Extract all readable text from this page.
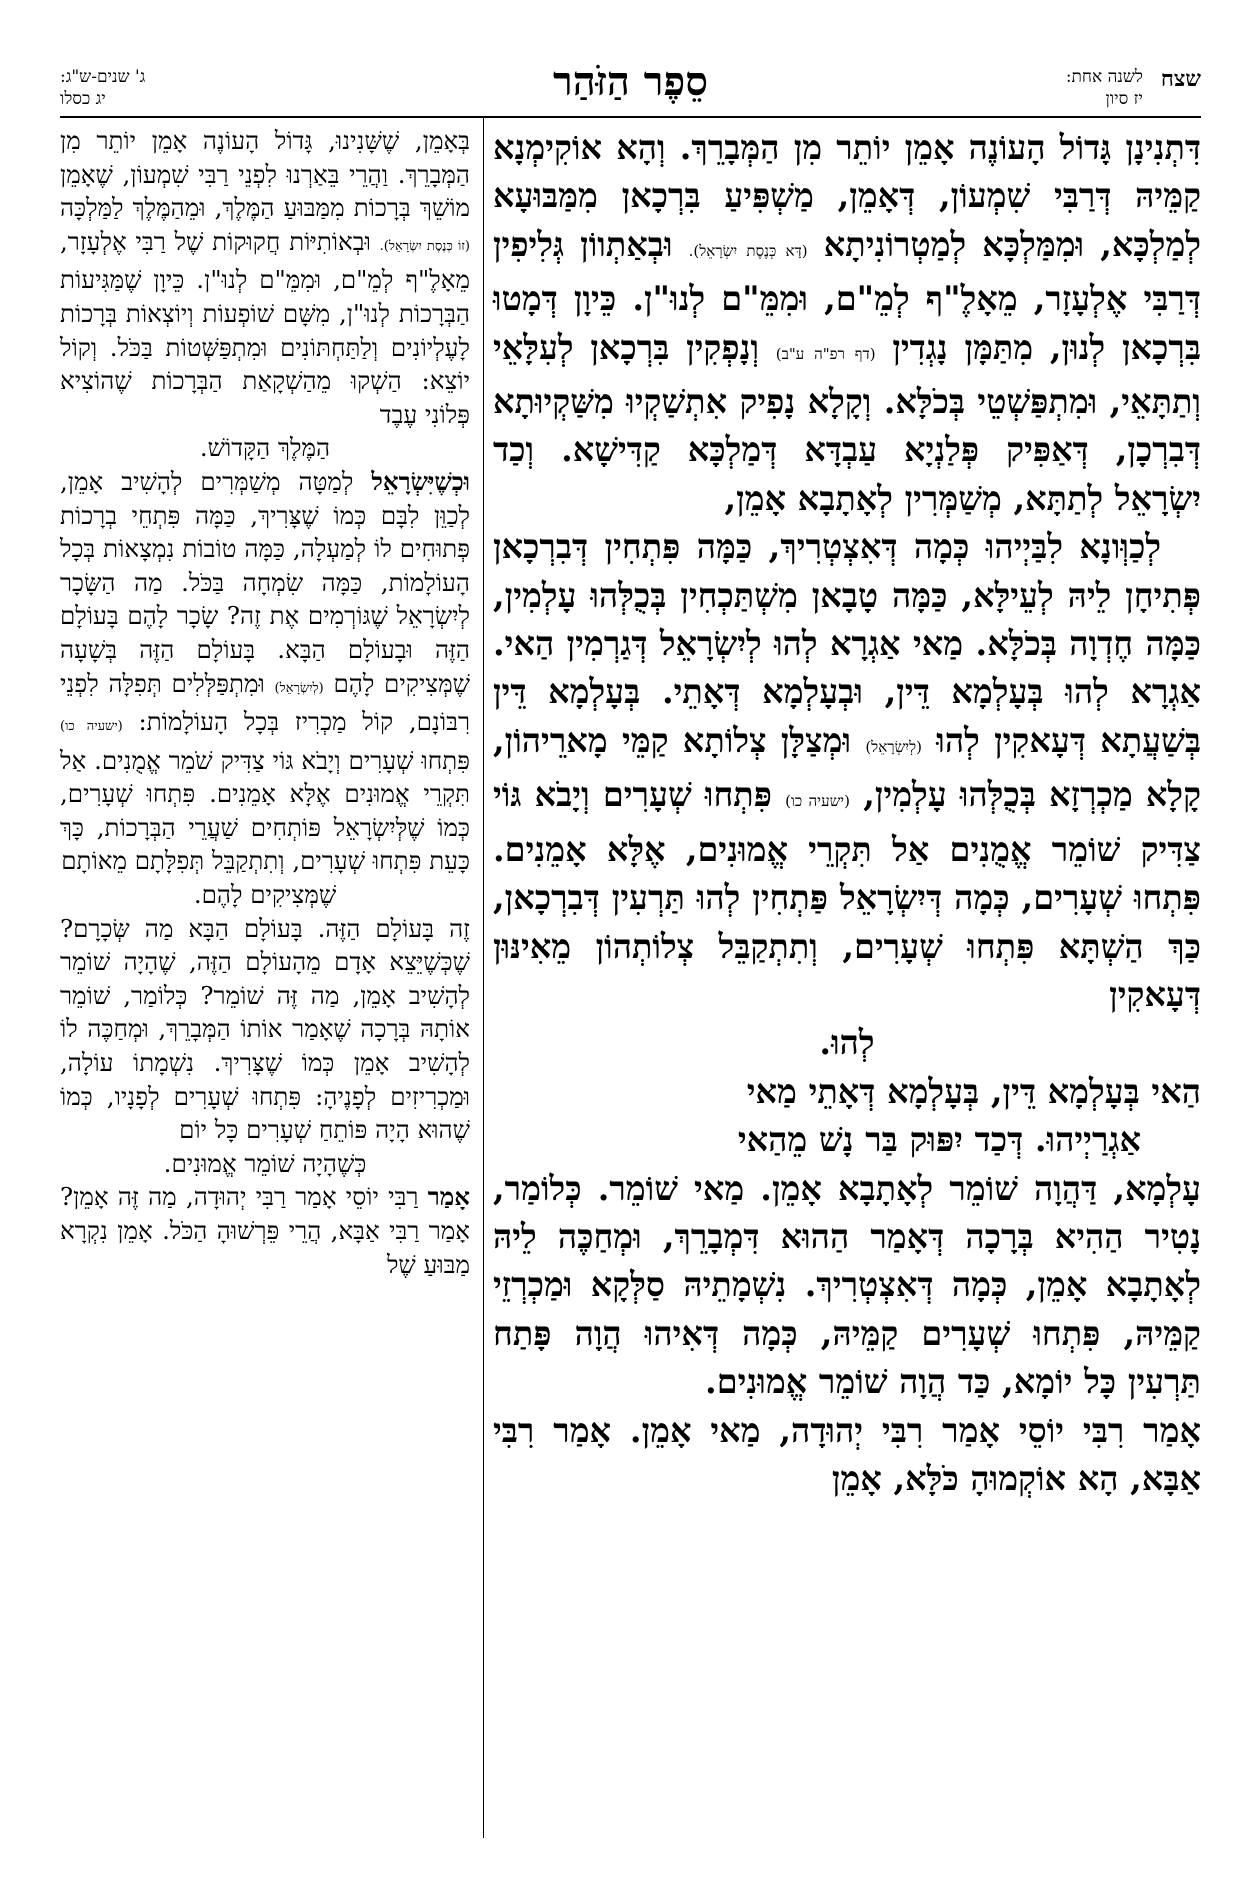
שצח
לשנה אחת:
יז סיון
סֵפֶר הַזֹּהַר
ג' שנים-ש"ג:
יג כסלו

דִּתְנִינָן גָּדוֹל הָעוֹנֶה אָמֵן יוֹתֵר מִן הַמְּבָרֵךְ. וְהָא אוֹקִימְנָא קַמֵּיהּ דְּרַבִּי שִׁמְעוֹן, דְּאָמֵן, מַשְׁפִּיעַ בִּרְכָאן מִמַּבּוּעָא לְמַלְכָּא, וּמִמַּלְכָּא לְמַטְרוֹנִיתָא (דָּא כְּנֶסֶת יִשְׂרָאֵל). וּבְאַתְווֹן גְּלִיפִין דְּרַבִּי אֶלְעָזָר, מֵאָלֶ"ף לְמֵ"ם, וּמִמֵּ"ם לְנוּ"ן. כֵּיוָן דְּמָטוּ בִּרְכָאן לְנוּן, מִתַּמָּן נָגְדִין (דף רפ"ה ע"ב) וְנָפְקִין בִּרְכָאן לְעִלָּאֵי וְתַתָּאֵי, וּמִתְפַּשְׁטֵי בְּכֹלָּא. וְקָלָא נָפִיק אִתְשַׁקְיוּ מִשַּׁקְיוּתָא דְּבִרְכָן, דְּאַפִּיק פְּלַנְיָא עַבְדָּא דְּמַלְכָּא קַדִּישָׁא. וְכַד יִשְׂרָאֵל לְתַתָּא, מְשַׁמְּרִין לְאָתָבָא אָמֵן,

לְכַוְּונָא לִבַּיְיהוּ כְּמָה דְּאִצְטְרִיךְ, כַּמָּה פִּתְחִין דְּבִרְכָאן פְּתִיחָן לֵיהּ לְעֵילָּא, כַּמָּה טָבָאן מִשְׁתַּכְחִין בְּכֻלְּהוּ עָלְמִין, כַּמָּה חֶדְוָה בְּכֹלָּא. מַאי אַגְרָא לְהוּ לְיִשְׂרָאֵל דְּגַרְמִין הַאי. אַגְרָא לְהוּ בְּעָלְמָא דֵּין, וּבְעָלְמָא דְּאָתֵי. בְּעָלְמָא דֵּין בְּשַׁעֲתָא דְּעָאקִין לְהוּ (לְיִשְׂרָאֵל) וּמְצַלָּן צְלוֹתָא קַמֵּי מָארֵיהוֹן, קָלָא מַכְרְזָא בְּכֻלְּהוּ עָלְמִין, (ישעיה כו) פִּתְחוּ שְׁעָרִים וְיָבֹא גּוֹי צַדִּיק שׁוֹמֵר אֱמֻנִים אַל תִּקְרֵי אֱמוּנִים, אֶלָּא אָמֵנִים. פִּתְחוּ שְׁעָרִים, כְּמָה דְּיִשְׂרָאֵל פַּתְחִין לְהוּ תַּרְעִין דְּבִרְכָאן, כַּךְ הַשְׁתָּא פִּתְחוּ שְׁעָרִים, וְתִתְקַבֵּל צְלוֹתְהוֹן מֵאִינּוּן דְּעָאקִין

לְהוּ.

הַאי בְּעָלְמָא דֵּין, בְּעָלְמָא דְּאָתֵי מַאי
אַגְרַיְיהוּ. דְּכַד יִפּוּק בַּר נָשׁ מֵהַאי
עָלְמָא, דַּהֲוָה שׁוֹמֵר לְאָתָבָא אָמֵן. מַאי שׁוֹמֵר. כְּלוֹמַר, נָטִיר הַהִיא בְּרָכָה דְּאָמַר הַהוּא דִּמְבָרֵךְ, וּמְחַכֶּה לֵיהּ לְאָתָבָא אָמֵן, כְּמָה דְּאִצְטְרִיךְ. נִשְׁמָתֵיהּ סַלְּקָא וּמַכְרְזֵי קַמֵּיהּ, פִּתְחוּ שְׁעָרִים קַמֵּיהּ, כְּמָה דְּאִיהוּ הֲוָה פָּתַח תַּרְעִין כָּל יוֹמָא, כַּד הֲוָה שׁוֹמֵר אֱמוּנִים.

אָמַר רִבִּי יוֹסֵי אָמַר רִבִּי יְהוּדָה, מַאי אָמֵן. אָמַר רִבִּי אַבָּא, הָא אוֹקְמוּהָ כֹּלָּא, אָמֵן

בְּאָמֵן, שֶׁשָּׁנִינוּ, גָּדוֹל הָעוֹנֶה אָמֵן יוֹתֵר מִן הַמְּבָרֵךְ. וַהֲרֵי בֵּאַרְנוּ לִפְנֵי רַבִּי שִׁמְעוֹן, שֶׁאָמֵן מוֹשֵׁךְ בְּרָכוֹת מִמַּבּוּעַ הַמֶּלֶךְ, וּמֵהַמֶּלֶךְ לַמַּלְכָּה (זוֹ כְּנֶסֶת יִשְׂרָאֵל). וּבְאוֹתִיּוֹת חֲקוּקוֹת שֶׁל רַבִּי אֶלְעָזָר, מֵאָלֶ"ף לְמֵ"ם, וּמִמֵּ"ם לְנוּ"ן. כֵּיוָן שֶׁמַּגִּיעוֹת הַבְּרָכוֹת לְנוּ"ן, מִשָּׁם שׁוֹפְעוֹת וְיוֹצְאוֹת בְּרָכוֹת לָעֶלְיוֹנִים וְלַתַּחְתּוֹנִים וּמִתְפַּשְּׁטוֹת בַּכֹּל. וְקוֹל יוֹצֵא: הַשְׁקוּ מֵהַשְׁקָאַת הַבְּרָכוֹת שֶׁהוֹצִיא פְּלוֹנִי עֶבֶד

הַמֶּלֶךְ הַקָּדוֹשׁ.

וּכְשֶׁיִּשְׂרָאֵל לְמַטָּה מְשַׁמְּרִים לְהָשִׁיב אָמֵן, לְכַוֵּן לִבָּם כְּמוֹ שֶׁצָּרִיךְ, כַּמָּה פִּתְחֵי בְרָכוֹת פְּתוּחִים לוֹ לְמַעְלָה, כַּמָּה טוֹבוֹת נִמְצָאוֹת בְּכָל הָעוֹלָמוֹת, כַּמָּה שִׂמְחָה בַּכֹּל. מַה הַשָּׂכָר לְיִשְׂרָאֵל שֶׁגּוֹרְמִים אֶת זֶה? שָׂכָר לָהֶם בָּעוֹלָם הַזֶּה וּבָעוֹלָם הַבָּא. בָּעוֹלָם הַזֶּה בְּשָׁעָה שֶׁמְּצִיקִים לָהֶם (לְיִשְׂרָאֵל) וּמִתְפַּלְּלִים תְּפִלָּה לִפְנֵי רִבּוֹנָם, קוֹל מַכְרִיז בְּכָל הָעוֹלָמוֹת: (ישעיה כו) פִּתְחוּ שְׁעָרִים וְיָבֹא גּוֹי צַדִּיק שֹׁמֵר אֱמֻנִים. אַל תִּקְרֵי אֱמוּנִים אֶלָּא אָמֵנִים. פִּתְחוּ שְׁעָרִים, כְּמוֹ שֶׁלְּיִשְׂרָאֵל פּוֹתְחִים שַׁעֲרֵי הַבְּרָכוֹת, כָּךְ כָּעֵת פִּתְחוּ שְׁעָרִים, וְתִתְקַבֵּל תְּפִלָּתָם מֵאוֹתָם

שֶׁמְּצִיקִים לָהֶם.

זֶה בָּעוֹלָם הַזֶּה. בָּעוֹלָם הַבָּא מַה שְּׂכָרָם? שֶׁכְּשֶׁיֵּצֵא אָדָם מֵהָעוֹלָם הַזֶּה, שֶׁהָיָה שׁוֹמֵר לְהָשִׁיב אָמֵן, מַה זֶּה שׁוֹמֵר? כְּלוֹמַר, שׁוֹמֵר אוֹתָהּ בְּרָכָה שֶׁאָמַר אוֹתוֹ הַמְּבָרֵךְ, וּמְחַכֶּה לוֹ לְהָשִׁיב אָמֵן כְּמוֹ שֶׁצָּרִיךְ. נִשְׁמָתוֹ עוֹלָה, וּמַכְרִיזִים לְפָנֶיהָ: פִּתְחוּ שְׁעָרִים לְפָנָיו, כְּמוֹ שֶׁהוּא הָיָה פּוֹתֵחַ שְׁעָרִים כָּל יוֹם

כְּשֶׁהָיָה שׁוֹמֵר אֱמוּנִים.

אָמַר רַבִּי יוֹסֵי אָמַר רַבִּי יְהוּדָה, מַה זֶּה אָמֵן? אָמַר רַבִּי אַבָּא, הֲרֵי פֵּרְשׁוּהָ הַכֹּל. אָמֵן נִקְרָא מַבּוּעַ שֶׁל
